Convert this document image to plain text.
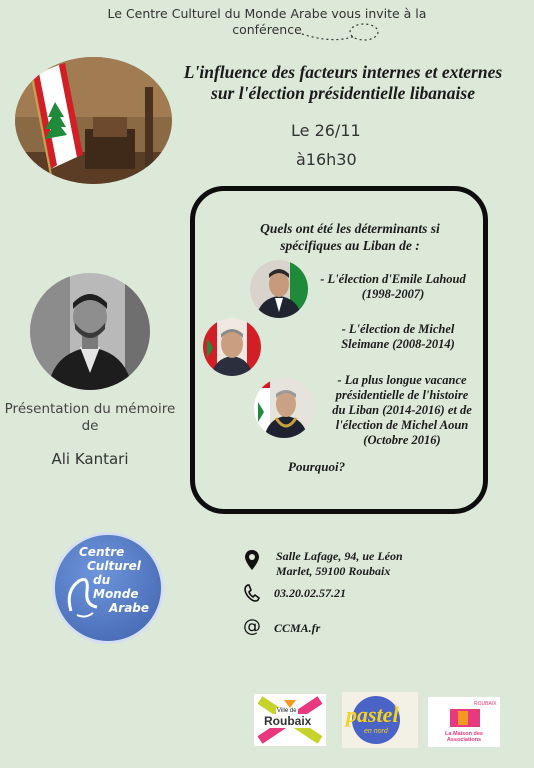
Le Centre Culturel du Monde Arabe vous invite à la
conférence
L'influence des facteurs internes et externes
sur l'élection présidentielle libanaise
Le 26/11
à16h30
Présentation du mémoire
de
Ali Kantari
Quels ont été les déterminants si
spécifiques au Liban de :
- L'élection d'Emile Lahoud
(1998-2007)
- L'élection de Michel
Sleimane (2008-2014)
- La plus longue vacance
présidentielle de l'histoire
du Liban (2014-2016) et de
l'élection de Michel Aoun
(Octobre 2016)
Pourquoi?
Centre
Culturel
du Monde
Arabe
Salle Lafage, 94, ue Léon
Marlet, 59100 Roubaix
03.20.02.57.21
@ CCMA.fr
Ville de
Roubaix pastel
en nord
ROUBAIX
La Maison des Associations
